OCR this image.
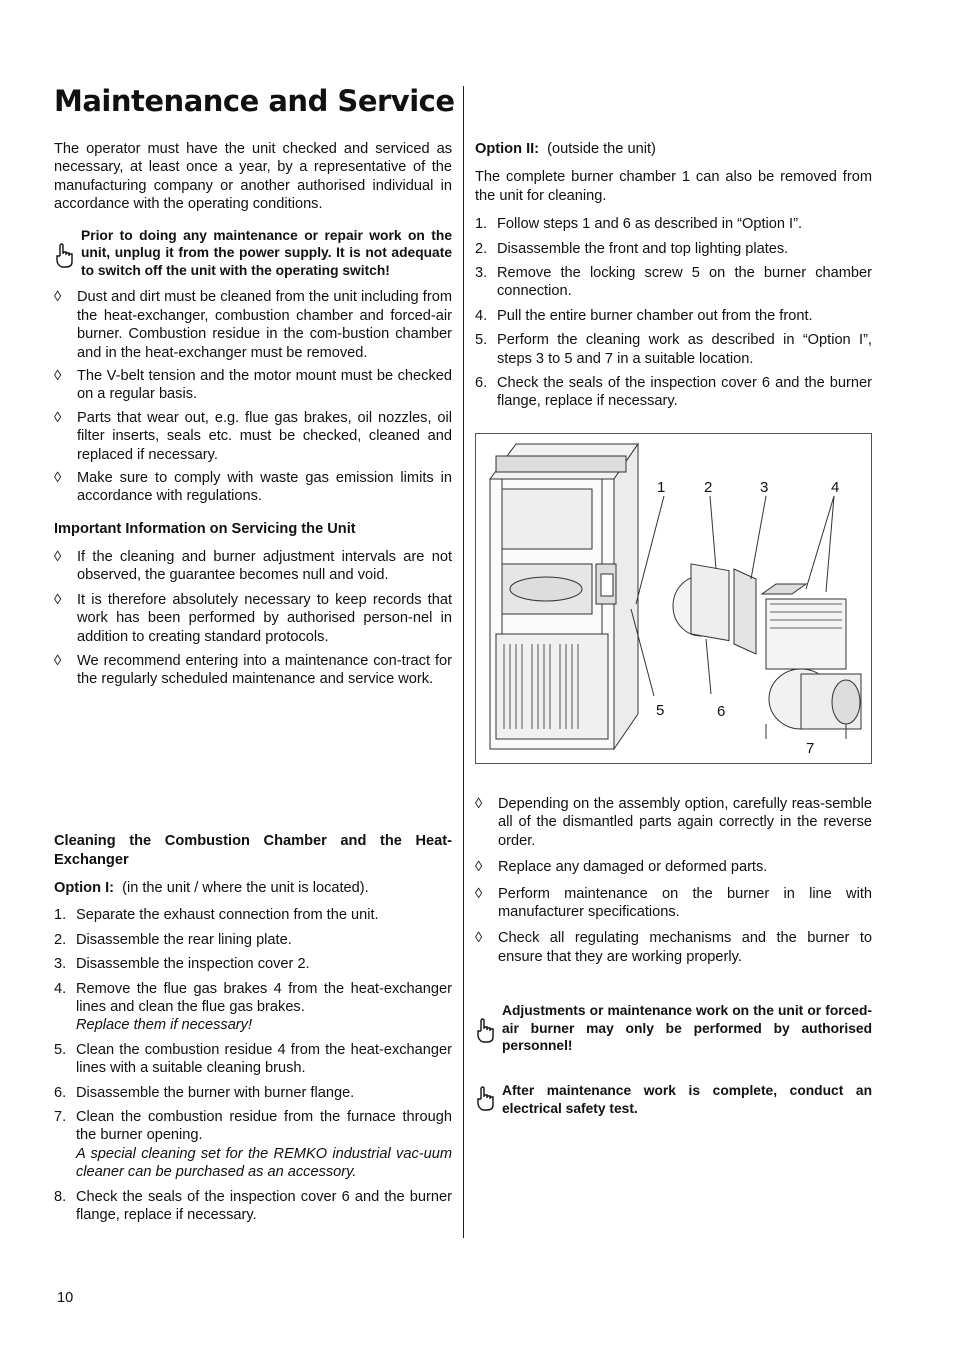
Maintenance and Service

The operator must have the unit checked and serviced as necessary, at least once a year, by a representative of the manufacturing company or another authorised individual in accordance with the operating conditions.

Prior to doing any maintenance or repair work on the unit, unplug it from the power supply. It is not adequate to switch off the unit with the operating switch!
◊ Dust and dirt must be cleaned from the unit including from the heat-exchanger, combustion chamber and forced-air burner. Combustion residue in the com-bustion chamber and in the heat-exchanger must be removed.
◊ The V-belt tension and the motor mount must be checked on a regular basis.
◊ Parts that wear out, e.g. flue gas brakes, oil nozzles, oil filter inserts, seals etc. must be checked, cleaned and replaced if necessary.
◊ Make sure to comply with waste gas emission limits in accordance with regulations.

Important Information on Servicing the Unit

◊ If the cleaning and burner adjustment intervals are not observed, the guarantee becomes null and void.
◊ It is therefore absolutely necessary to keep records that work has been performed by authorised person-nel in addition to creating standard protocols.
◊ We recommend entering into a maintenance con-tract for the regularly scheduled maintenance and service work.

Cleaning the Combustion Chamber and the Heat-Exchanger

Option I: (in the unit / where the unit is located).

1. Separate the exhaust connection from the unit.
2. Disassemble the rear lining plate.
3. Disassemble the inspection cover 2.
4. Remove the flue gas brakes 4 from the heat-exchanger lines and clean the flue gas brakes.
Replace them if necessary!
5. Clean the combustion residue 4 from the heat-exchanger lines with a suitable cleaning brush.
6. Disassemble the burner with burner flange.
7. Clean the combustion residue from the furnace through the burner opening.
A special cleaning set for the REMKO industrial vac-uum cleaner can be purchased as an accessory.
8. Check the seals of the inspection cover 6 and the burner flange, replace if necessary.

Option II: (outside the unit)

The complete burner chamber 1 can also be removed from the unit for cleaning.

1. Follow steps 1 and 6 as described in “Option I”.
2. Disassemble the front and top lighting plates.
3. Remove the locking screw 5 on the burner chamber connection.
4. Pull the entire burner chamber out from the front.
5. Perform the cleaning work as described in “Option I”, steps 3 to 5 and 7 in a suitable location.
6. Check the seals of the inspection cover 6 and the burner flange, replace if necessary.
1	2	3	4
5	6
7
◊ Depending on the assembly option, carefully reas-semble all of the dismantled parts again correctly in the reverse order.
◊ Replace any damaged or deformed parts.
◊ Perform maintenance on the burner in line with manufacturer specifications.
◊ Check all regulating mechanisms and the burner to ensure that they are working properly.
Adjustments or maintenance work on the unit or forced-air burner may only be performed by authorised personnel!
After maintenance work is complete, conduct an electrical safety test.
10
